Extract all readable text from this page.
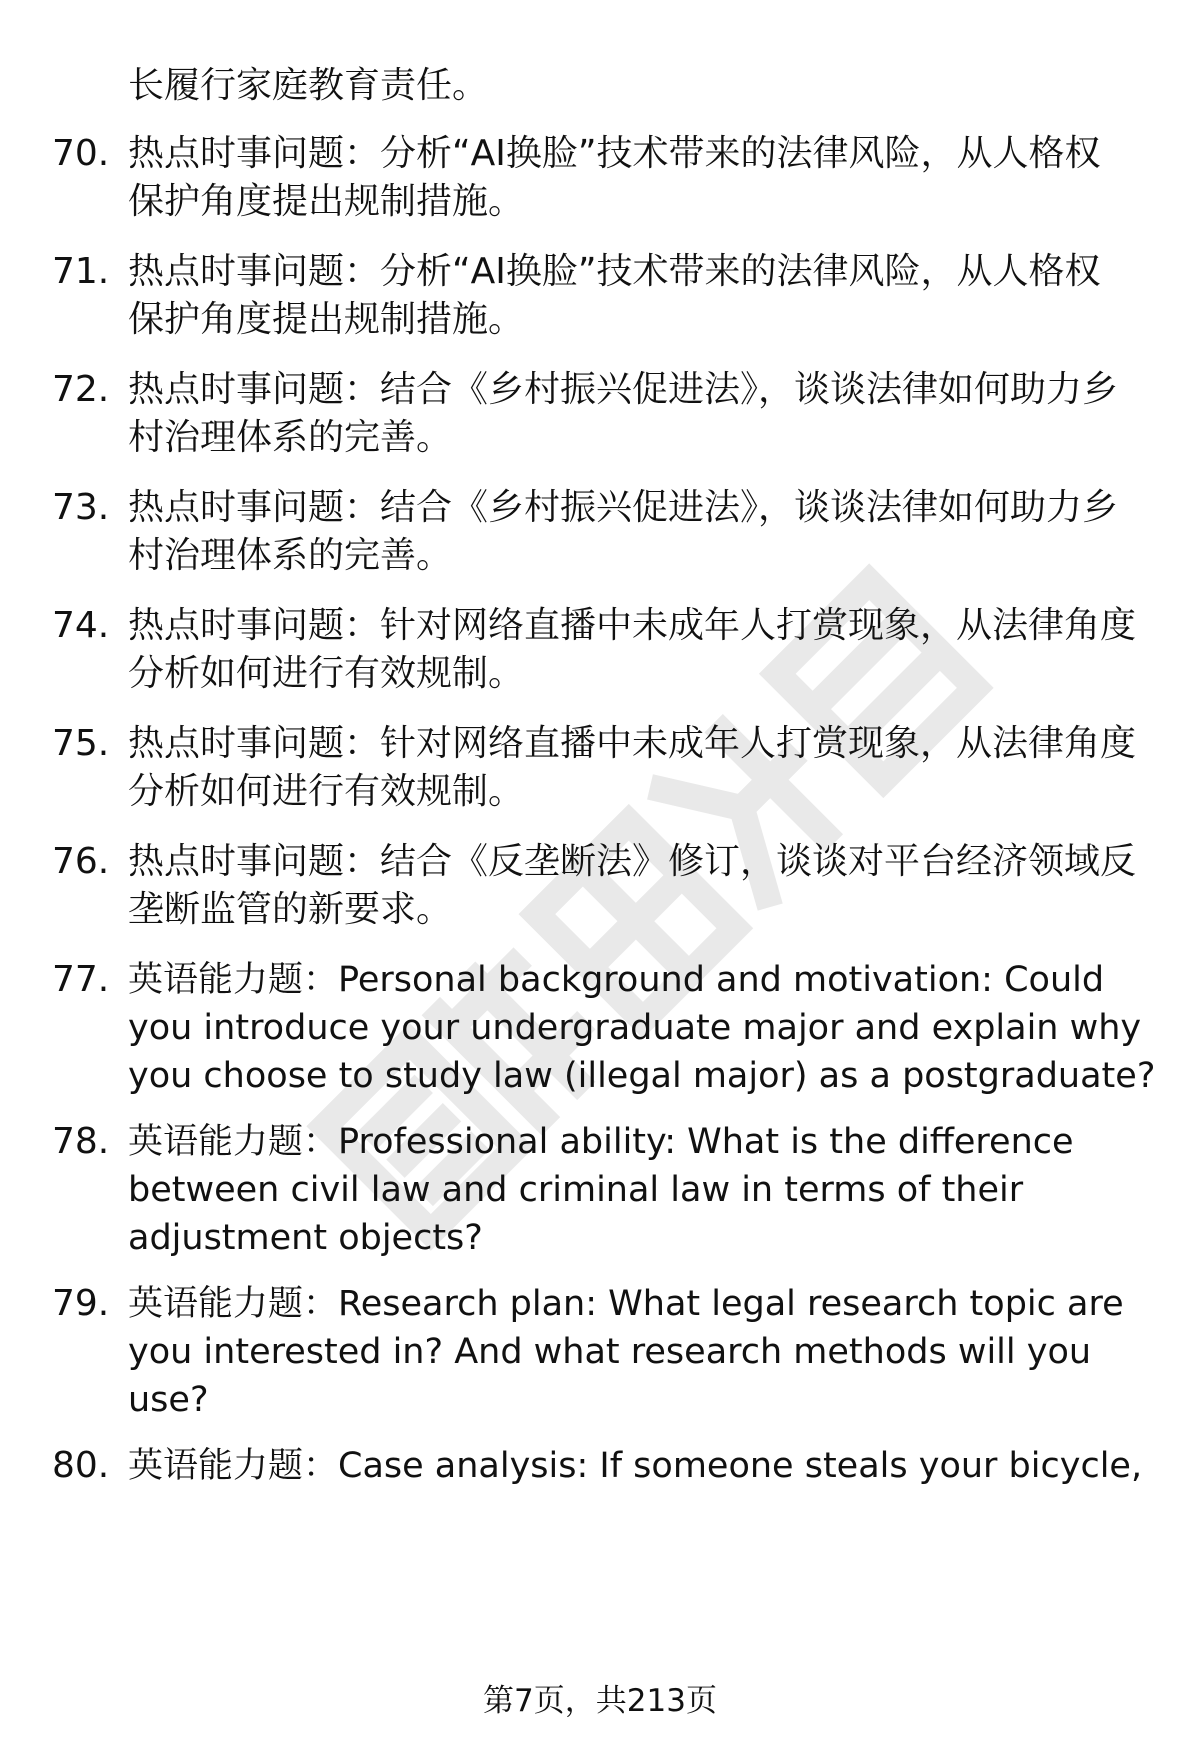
长履行家庭教育责任。
70. 热点时事问题：分析“AI换脸”技术带来的法律风险，从人格权
保护角度提出规制措施。
71. 热点时事问题：分析“AI换脸”技术带来的法律风险，从人格权
保护角度提出规制措施。
72. 热点时事问题：结合《乡村振兴促进法》，谈谈法律如何助力乡
村治理体系的完善。
73. 热点时事问题：结合《乡村振兴促进法》，谈谈法律如何助力乡
村治理体系的完善。
74. 热点时事问题：针对网络直播中未成年人打赏现象，从法律角度
分析如何进行有效规制。
75. 热点时事问题：针对网络直播中未成年人打赏现象，从法律角度
分析如何进行有效规制。
76. 热点时事问题：结合《反垄断法》修订，谈谈对平台经济领域反
垄断监管的新要求。
77. 英语能力题：Personal background and motivation: Could
you introduce your undergraduate major and explain why
you choose to study law (illegal major) as a postgraduate?
78. 英语能力题：Professional ability: What is the difference
between civil law and criminal law in terms of their
adjustment objects?
79. 英语能力题：Research plan: What legal research topic are
you interested in? And what research methods will you
use?
80. 英语能力题：Case analysis: If someone steals your bicycle,
第7页，共213页
